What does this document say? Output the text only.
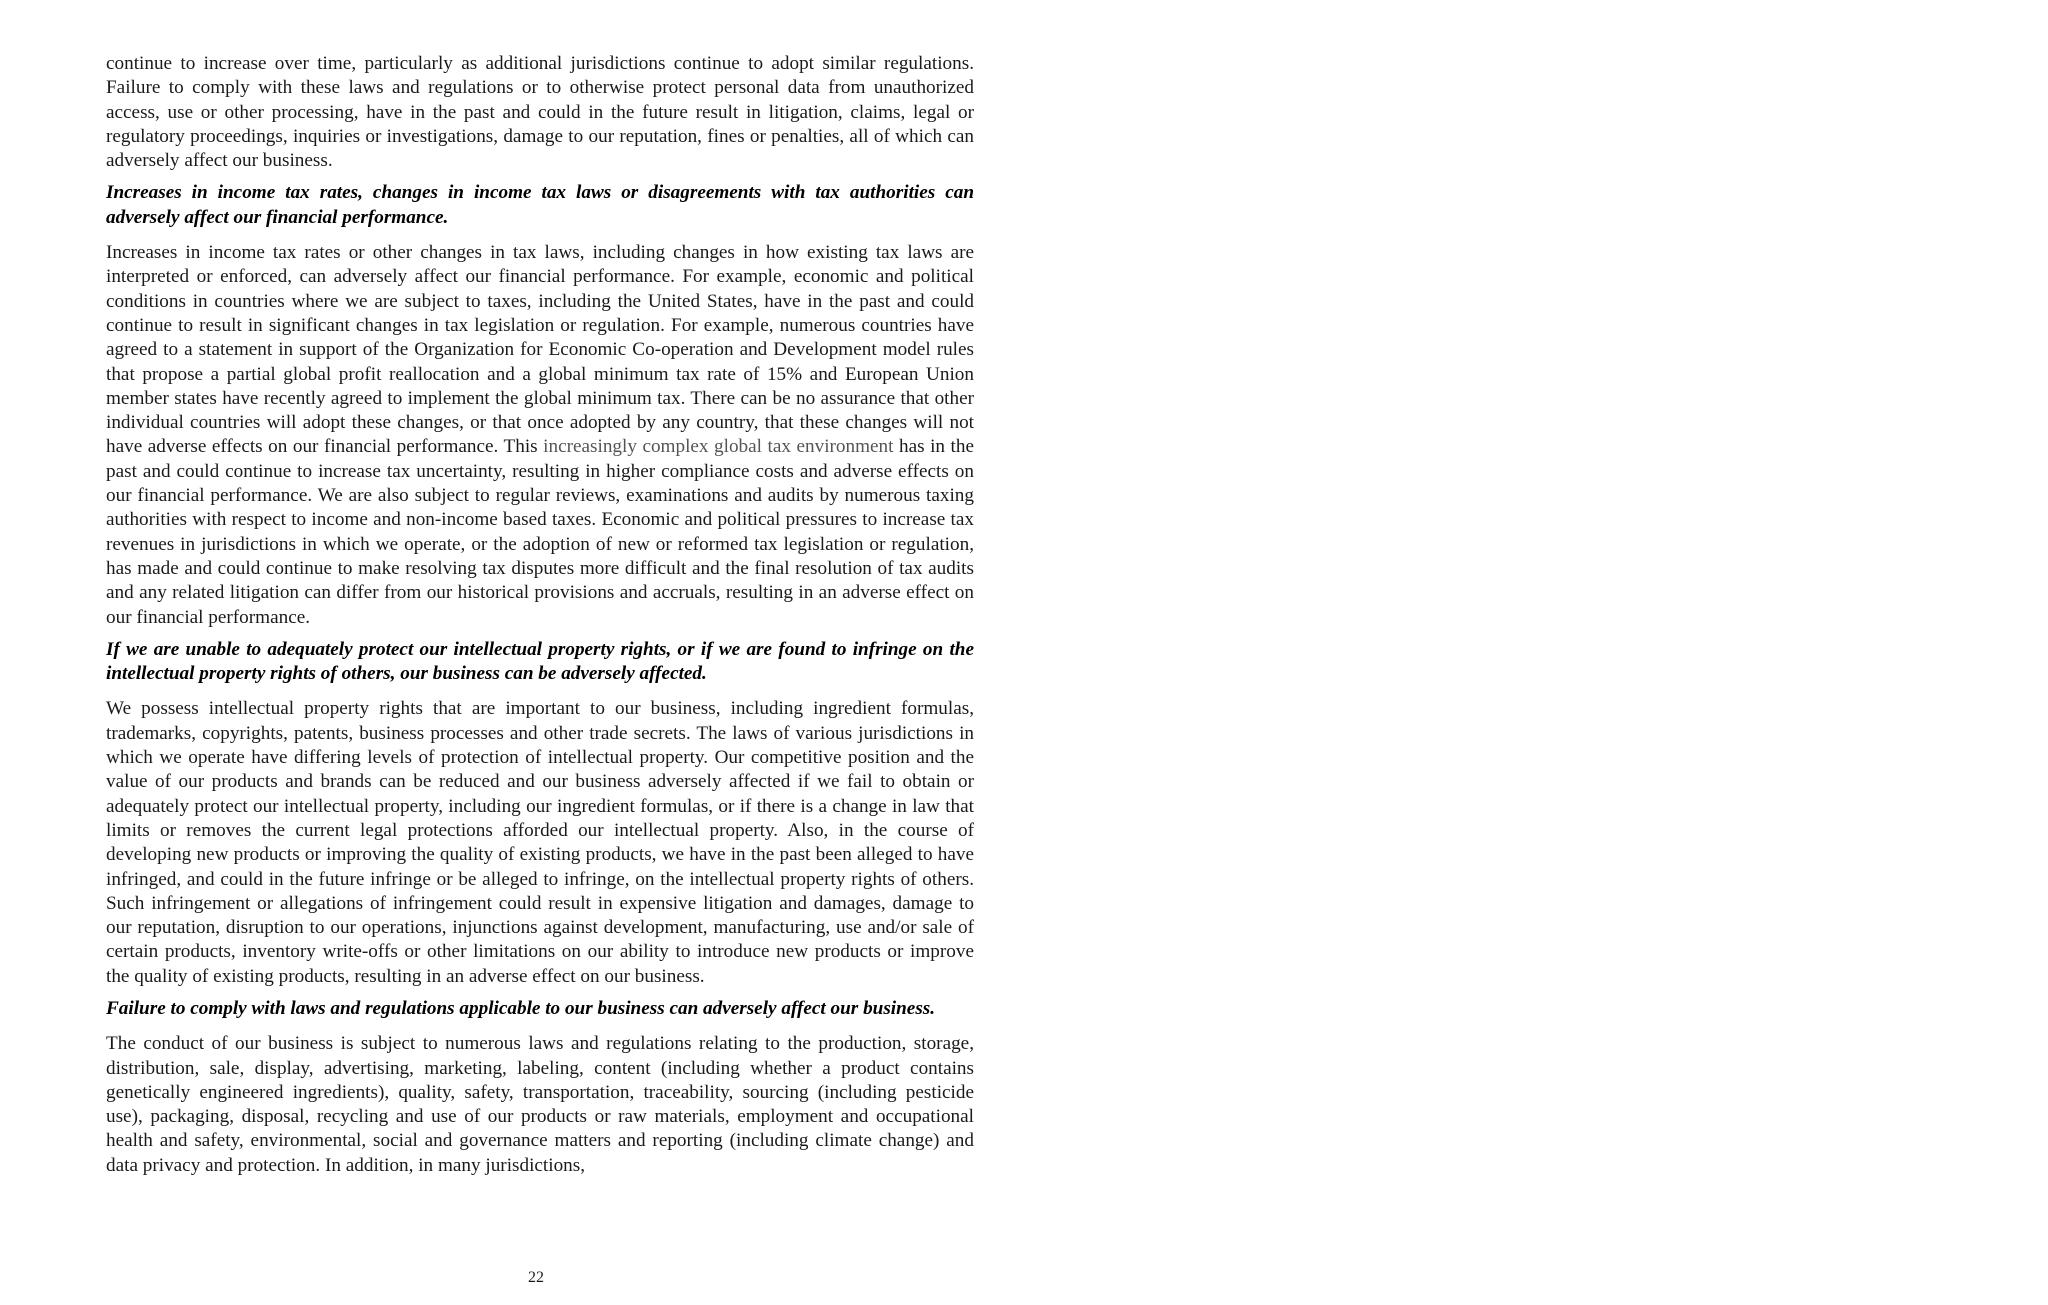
continue to increase over time, particularly as additional jurisdictions continue to adopt similar regulations. Failure to comply with these laws and regulations or to otherwise protect personal data from unauthorized access, use or other processing, have in the past and could in the future result in litigation, claims, legal or regulatory proceedings, inquiries or investigations, damage to our reputation, fines or penalties, all of which can adversely affect our business.

Increases in income tax rates, changes in income tax laws or disagreements with tax authorities can adversely affect our financial performance.

Increases in income tax rates or other changes in tax laws, including changes in how existing tax laws are interpreted or enforced, can adversely affect our financial performance. For example, economic and political conditions in countries where we are subject to taxes, including the United States, have in the past and could continue to result in significant changes in tax legislation or regulation. For example, numerous countries have agreed to a statement in support of the Organization for Economic Co-operation and Development model rules that propose a partial global profit reallocation and a global minimum tax rate of 15% and European Union member states have recently agreed to implement the global minimum tax. There can be no assurance that other individual countries will adopt these changes, or that once adopted by any country, that these changes will not have adverse effects on our financial performance. This increasingly complex global tax environment has in the past and could continue to increase tax uncertainty, resulting in higher compliance costs and adverse effects on our financial performance. We are also subject to regular reviews, examinations and audits by numerous taxing authorities with respect to income and non-income based taxes. Economic and political pressures to increase tax revenues in jurisdictions in which we operate, or the adoption of new or reformed tax legislation or regulation, has made and could continue to make resolving tax disputes more difficult and the final resolution of tax audits and any related litigation can differ from our historical provisions and accruals, resulting in an adverse effect on our financial performance.

If we are unable to adequately protect our intellectual property rights, or if we are found to infringe on the intellectual property rights of others, our business can be adversely affected.

We possess intellectual property rights that are important to our business, including ingredient formulas, trademarks, copyrights, patents, business processes and other trade secrets. The laws of various jurisdictions in which we operate have differing levels of protection of intellectual property. Our competitive position and the value of our products and brands can be reduced and our business adversely affected if we fail to obtain or adequately protect our intellectual property, including our ingredient formulas, or if there is a change in law that limits or removes the current legal protections afforded our intellectual property. Also, in the course of developing new products or improving the quality of existing products, we have in the past been alleged to have infringed, and could in the future infringe or be alleged to infringe, on the intellectual property rights of others. Such infringement or allegations of infringement could result in expensive litigation and damages, damage to our reputation, disruption to our operations, injunctions against development, manufacturing, use and/or sale of certain products, inventory write-offs or other limitations on our ability to introduce new products or improve the quality of existing products, resulting in an adverse effect on our business.

Failure to comply with laws and regulations applicable to our business can adversely affect our business.

The conduct of our business is subject to numerous laws and regulations relating to the production, storage, distribution, sale, display, advertising, marketing, labeling, content (including whether a product contains genetically engineered ingredients), quality, safety, transportation, traceability, sourcing (including pesticide use), packaging, disposal, recycling and use of our products or raw materials, employment and occupational health and safety, environmental, social and governance matters and reporting (including climate change) and data privacy and protection. In addition, in many jurisdictions,

22
